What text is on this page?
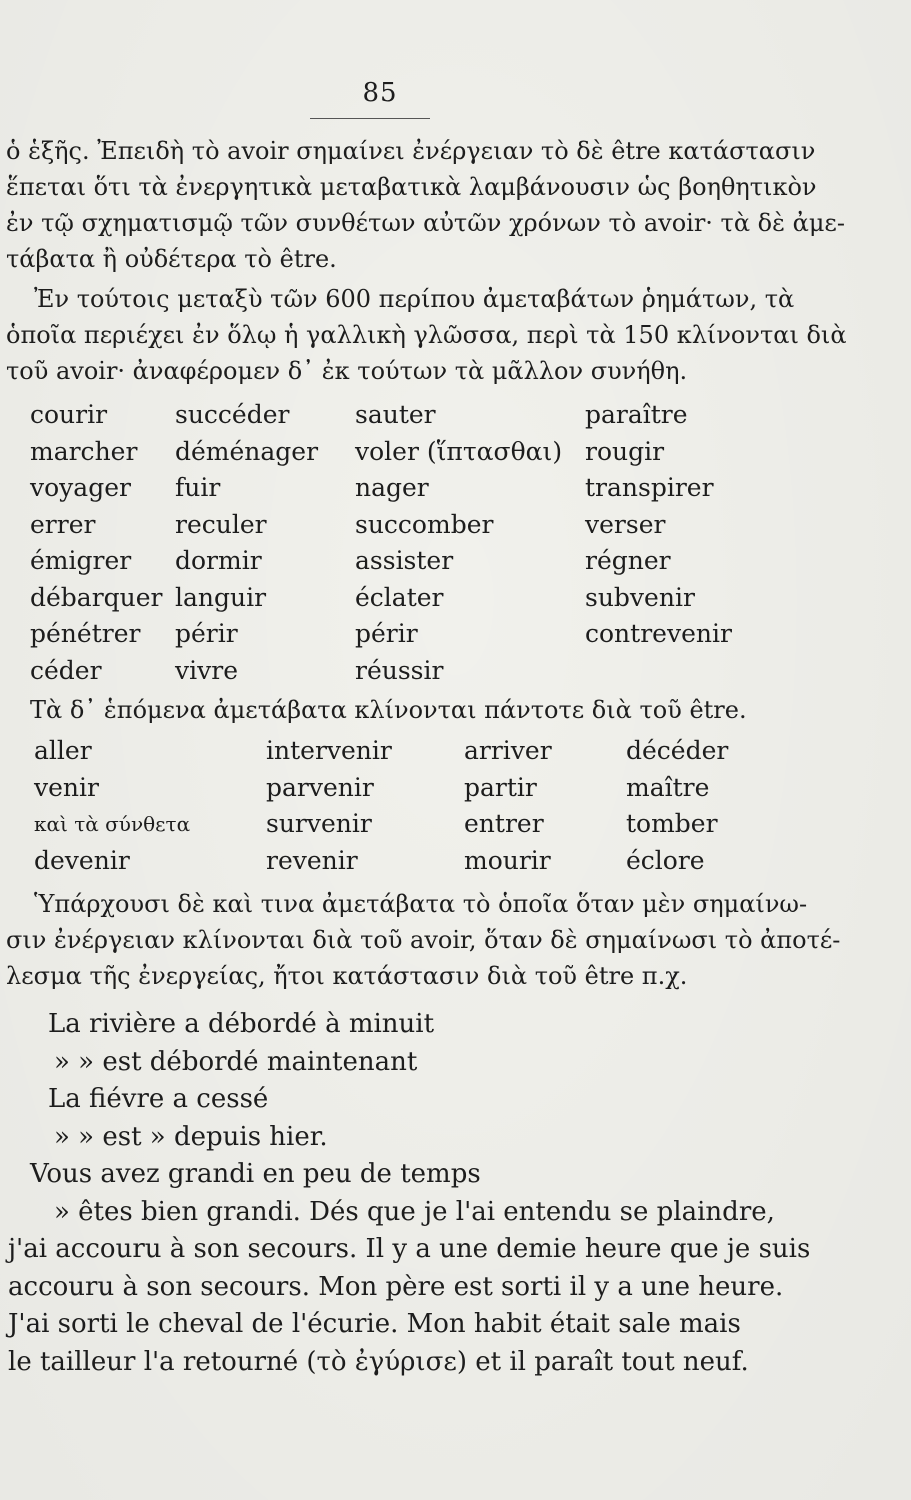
85
ὁ ἑξῆς. Ἐπειδὴ τὸ avoir σημαίνει ἐνέργειαν τὸ δὲ être κατάστασιν
ἕπεται ὅτι τὰ ἐνεργητικὰ μεταβατικὰ λαμβάνουσιν ὡς βοηθητικὸν
ἐν τῷ σχηματισμῷ τῶν συνθέτων αὐτῶν χρόνων τὸ avoir· τὰ δὲ ἀμε-
τάβατα ἢ οὐδέτερα τὸ être.
Ἐν τούτοις μεταξὺ τῶν 600 περίπου ἀμεταβάτων ῥημάτων, τὰ
ὁποῖα περιέχει ἐν ὅλῳ ἡ γαλλικὴ γλῶσσα, περὶ τὰ 150 κλίνονται διὰ
τοῦ avoir· ἀναφέρομεν δ᾽ ἐκ τούτων τὰ μᾶλλον συνήθη.
courir
marcher
voyager
errer
émigrer
débarquer
pénétrer
céder
succéder
déménager
fuir
reculer
dormir
languir
périr
vivre
sauter
voler (ἵπτασθαι)
nager
succomber
assister
éclater
périr
réussir
paraître
rougir
transpirer
verser
régner
subvenir
contrevenir
Τὰ δ᾽ ἑπόμενα ἀμετάβατα κλίνονται πάντοτε διὰ τοῦ être.
aller
venir
καὶ τὰ σύνθετα
devenir
intervenir
parvenir
survenir
revenir
arriver
partir
entrer
mourir
décéder
maître
tomber
éclore
Ὑπάρχουσι δὲ καὶ τινα ἀμετάβατα τὸ ὁποῖα ὅταν μὲν σημαίνω-
σιν ἐνέργειαν κλίνονται διὰ τοῦ avoir, ὅταν δὲ σημαίνωσι τὸ ἀποτέ-
λεσμα τῆς ἐνεργείας, ἤτοι κατάστασιν διὰ τοῦ être π.χ.
La rivière a débordé à minuit
» » est débordé maintenant
La fiévre a cessé
» » est » depuis hier.
Vous avez grandi en peu de temps
» êtes bien grandi. Dés que je l'ai entendu se plaindre,
j'ai accouru à son secours. Il y a une demie heure que je suis
accouru à son secours. Mon père est sorti il y a une heure.
J'ai sorti le cheval de l'écurie. Mon habit était sale mais
le tailleur l'a retourné (τὸ ἐγύρισε) et il paraît tout neuf.
